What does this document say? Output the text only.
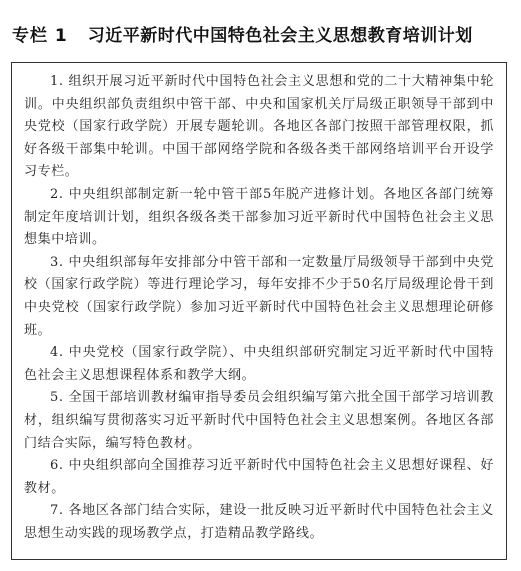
专栏 1 习近平新时代中国特色社会主义思想教育培训计划

1. 组织开展习近平新时代中国特色社会主义思想和党的二十大精神集中轮训。中央组织部负责组织中管干部、中央和国家机关厅局级正职领导干部到中央党校（国家行政学院）开展专题轮训。各地区各部门按照干部管理权限，抓好各级干部集中轮训。中国干部网络学院和各级各类干部网络培训平台开设学习专栏。

2. 中央组织部制定新一轮中管干部5年脱产进修计划。各地区各部门统筹制定年度培训计划，组织各级各类干部参加习近平新时代中国特色社会主义思想集中培训。

3. 中央组织部每年安排部分中管干部和一定数量厅局级领导干部到中央党校（国家行政学院）等进行理论学习，每年安排不少于50名厅局级理论骨干到中央党校（国家行政学院）参加习近平新时代中国特色社会主义思想理论研修班。

4. 中央党校（国家行政学院）、中央组织部研究制定习近平新时代中国特色社会主义思想课程体系和教学大纲。

5. 全国干部培训教材编审指导委员会组织编写第六批全国干部学习培训教材，组织编写贯彻落实习近平新时代中国特色社会主义思想案例。各地区各部门结合实际，编写特色教材。

6. 中央组织部向全国推荐习近平新时代中国特色社会主义思想好课程、好教材。

7. 各地区各部门结合实际，建设一批反映习近平新时代中国特色社会主义思想生动实践的现场教学点，打造精品教学路线。
